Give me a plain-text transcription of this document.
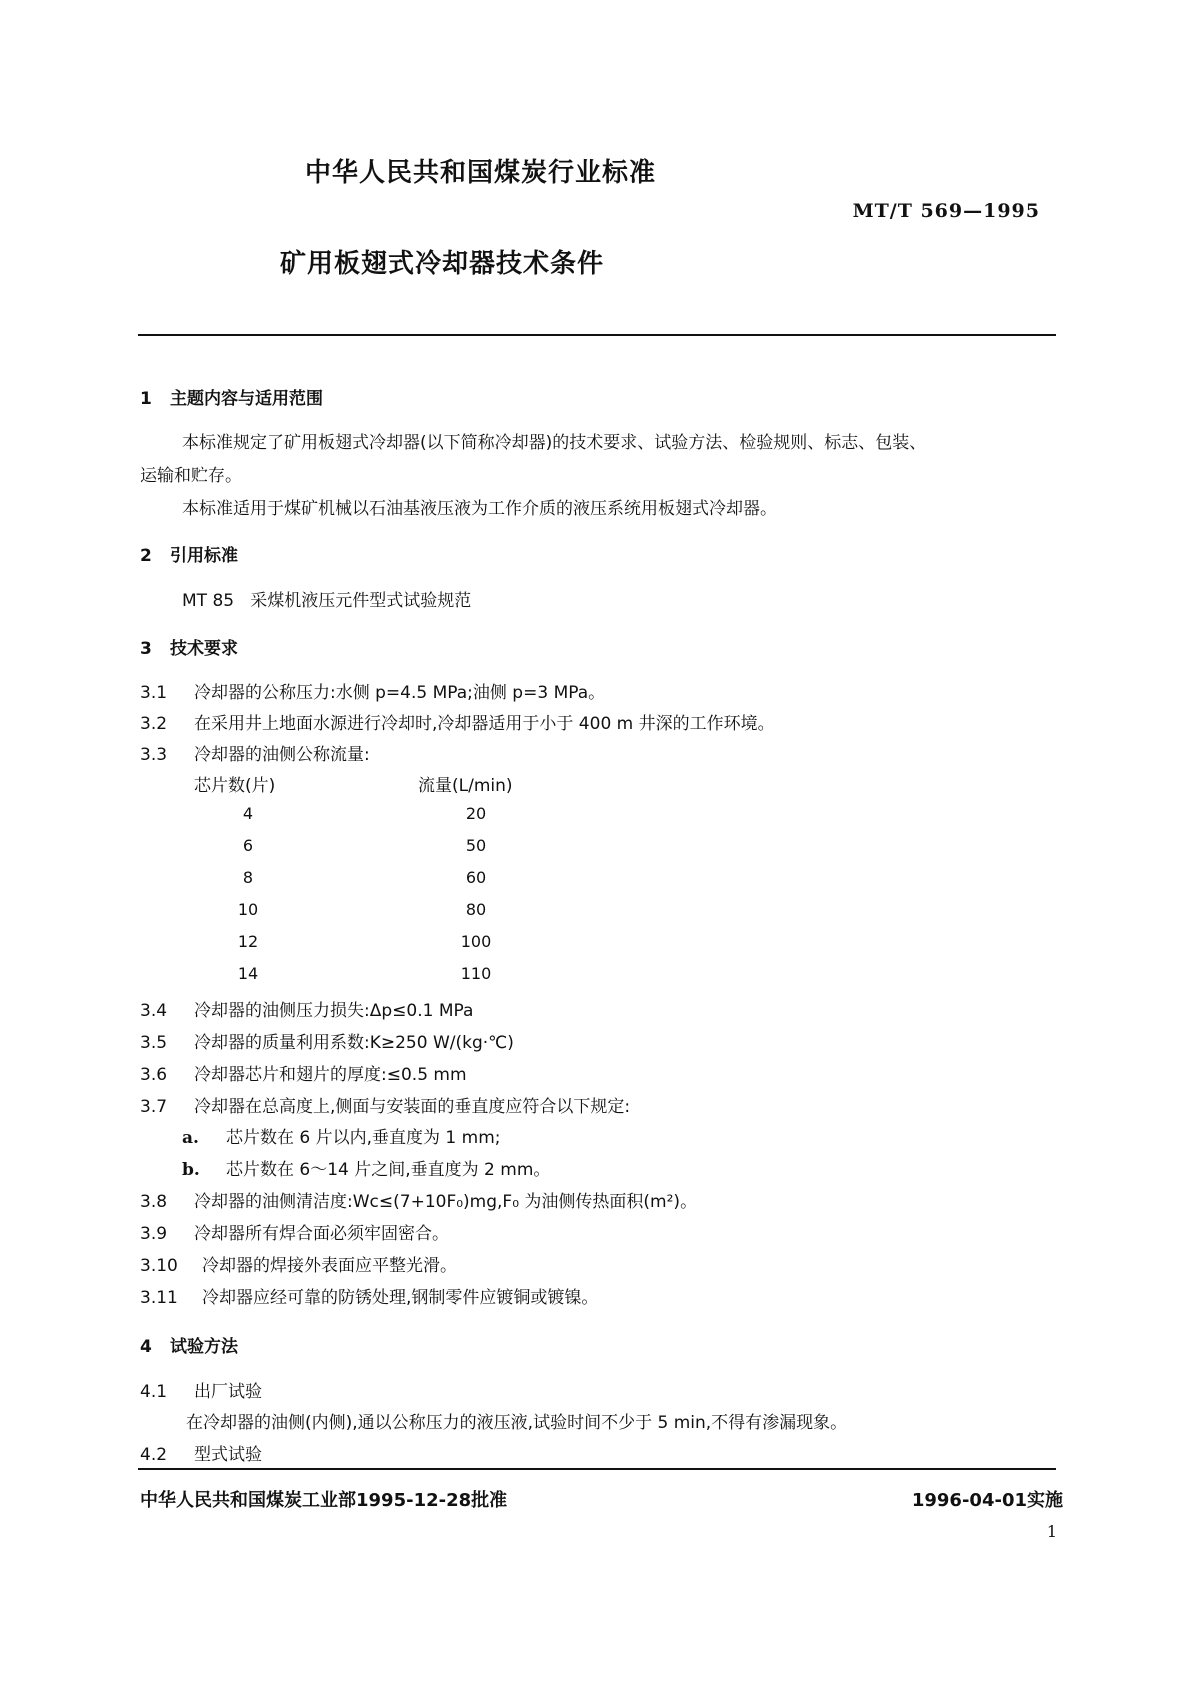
中华人民共和国煤炭行业标准
MT/T 569—1995
矿用板翅式冷却器技术条件
1 主题内容与适用范围
本标准规定了矿用板翅式冷却器(以下简称冷却器)的技术要求、试验方法、检验规则、标志、包装、
运输和贮存。
本标准适用于煤矿机械以石油基液压液为工作介质的液压系统用板翅式冷却器。
2 引用标准
MT 85   采煤机液压元件型式试验规范
3 技术要求
3.1 冷却器的公称压力:水侧 p=4.5 MPa;油侧 p=3 MPa。
3.2 在采用井上地面水源进行冷却时,冷却器适用于小于 400 m 井深的工作环境。
3.3 冷却器的油侧公称流量:
芯片数(片)	流量(L/min)
4	20
6	50
8	60
10	80
12	100
14	110
3.4 冷却器的油侧压力损失:Δp≤0.1 MPa
3.5 冷却器的质量利用系数:K≥250 W/(kg·℃)
3.6 冷却器芯片和翅片的厚度:≤0.5 mm
3.7 冷却器在总高度上,侧面与安装面的垂直度应符合以下规定:
a. 芯片数在 6 片以内,垂直度为 1 mm;
b. 芯片数在 6～14 片之间,垂直度为 2 mm。
3.8 冷却器的油侧清洁度:Wc≤(7+10F₀)mg,F₀ 为油侧传热面积(m²)。
3.9 冷却器所有焊合面必须牢固密合。
3.10 冷却器的焊接外表面应平整光滑。
3.11 冷却器应经可靠的防锈处理,钢制零件应镀铜或镀镍。
4 试验方法
4.1 出厂试验
在冷却器的油侧(内侧),通以公称压力的液压液,试验时间不少于 5 min,不得有渗漏现象。
4.2 型式试验
中华人民共和国煤炭工业部1995-12-28批准	1996-04-01实施
1
